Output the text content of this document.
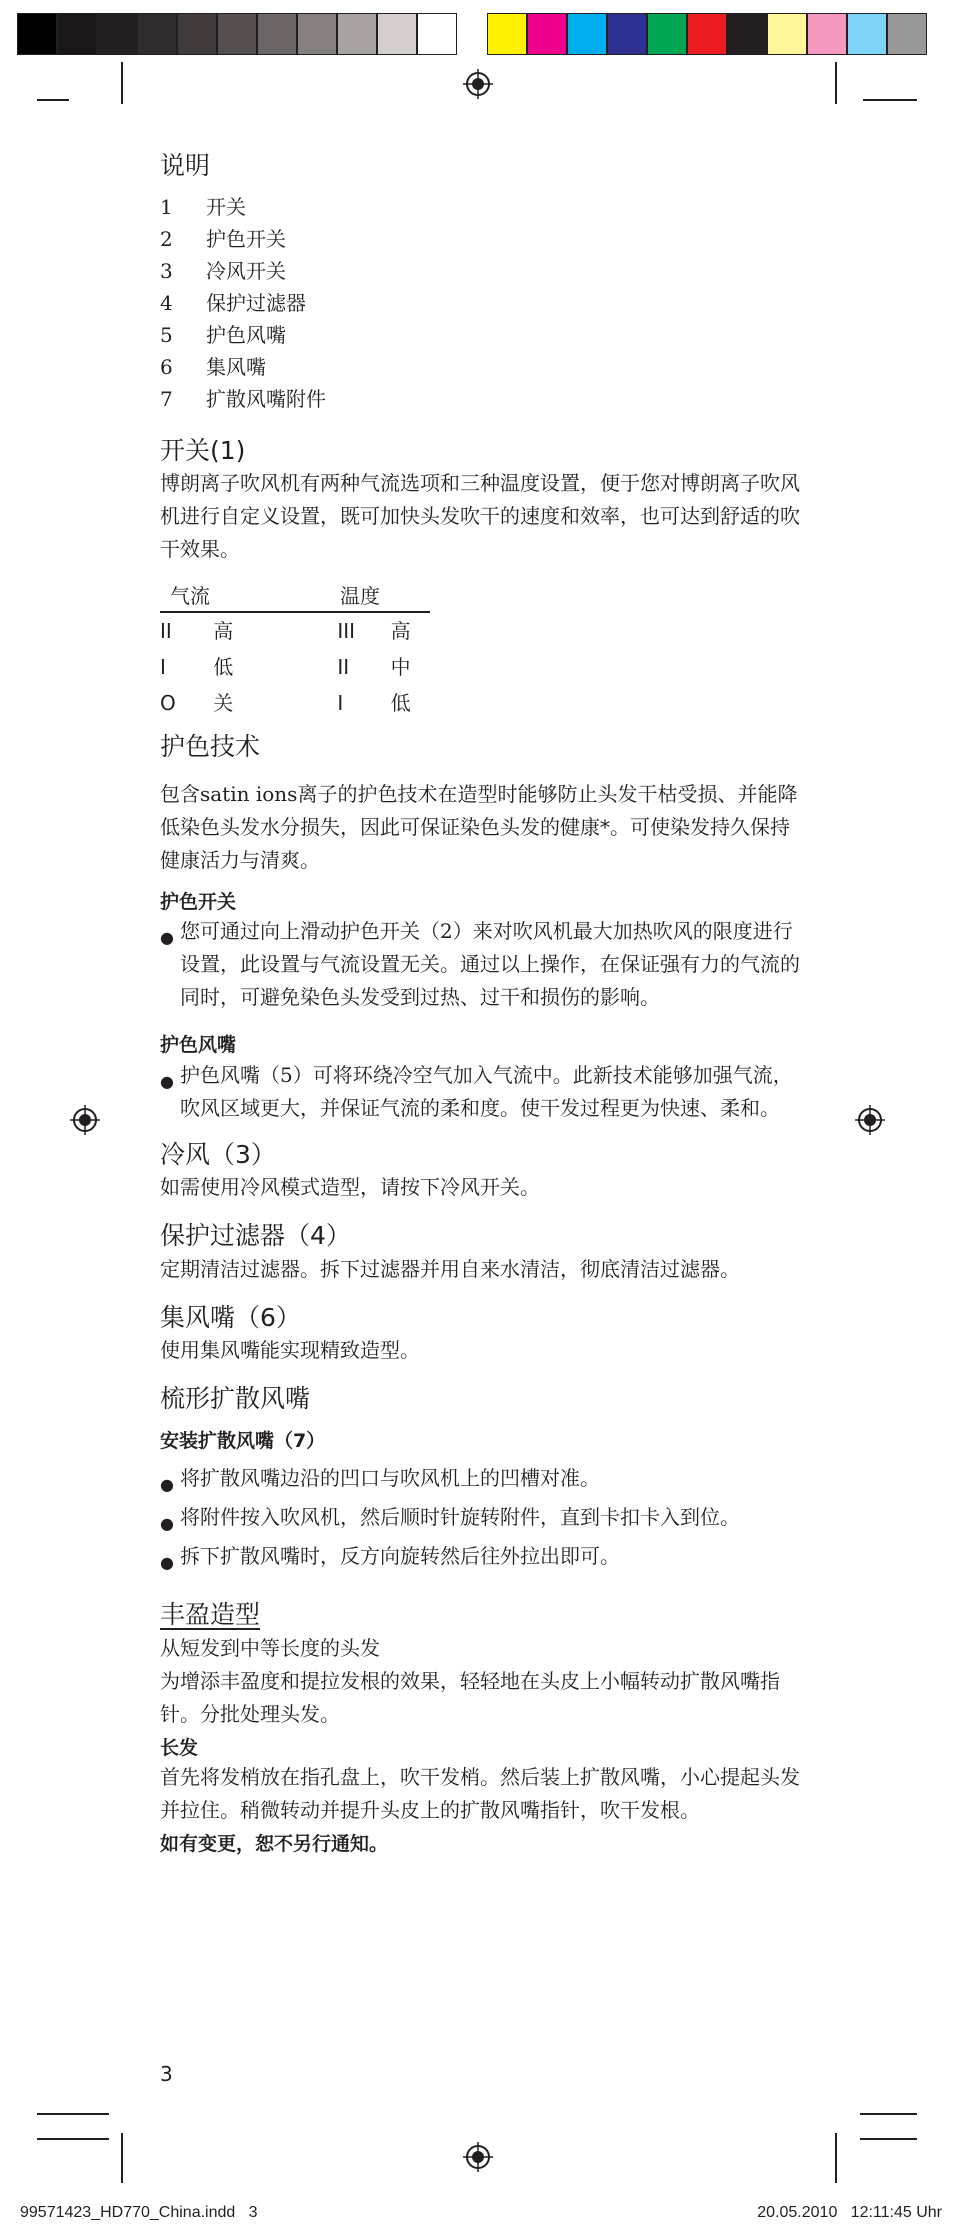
说明
1	开关
2	护色开关
3	冷风开关
4	保护过滤器
5	护色风嘴
6	集风嘴
7	扩散风嘴附件
开关(1)

博朗离子吹风机有两种气流选项和三种温度设置，便于您对博朗离子吹风机进行自定义设置，既可加快头发吹干的速度和效率，也可达到舒适的吹干效果。

气流	温度
II	高	III	高
I	低	II	中
O	关	I	低
护色技术

包含satin ions离子的护色技术在造型时能够防止头发干枯受损、并能降低染色头发水分损失，因此可保证染色头发的健康*。可使染发持久保持健康活力与清爽。

护色开关
● 您可通过向上滑动护色开关（2）来对吹风机最大加热吹风的限度进行设置，此设置与气流设置无关。通过以上操作，在保证强有力的气流的同时，可避免染色头发受到过热、过干和损伤的影响。
护色风嘴
● 护色风嘴（5）可将环绕冷空气加入气流中。此新技术能够加强气流，吹风区域更大，并保证气流的柔和度。使干发过程更为快速、柔和。
冷风（3）

如需使用冷风模式造型，请按下冷风开关。

保护过滤器（4）

定期清洁过滤器。拆下过滤器并用自来水清洁，彻底清洁过滤器。

集风嘴（6）

使用集风嘴能实现精致造型。

梳形扩散风嘴
安装扩散风嘴（7）
● 将扩散风嘴边沿的凹口与吹风机上的凹槽对准。
● 将附件按入吹风机，然后顺时针旋转附件，直到卡扣卡入到位。
● 拆下扩散风嘴时，反方向旋转然后往外拉出即可。
丰盈造型

从短发到中等长度的头发

为增添丰盈度和提拉发根的效果，轻轻地在头皮上小幅转动扩散风嘴指针。分批处理头发。

长发

首先将发梢放在指孔盘上，吹干发梢。然后装上扩散风嘴，小心提起头发并拉住。稍微转动并提升头皮上的扩散风嘴指针，吹干发根。

如有变更，恕不另行通知。
3
99571423_HD770_China.indd   3	20.05.2010   12:11:45 Uhr
